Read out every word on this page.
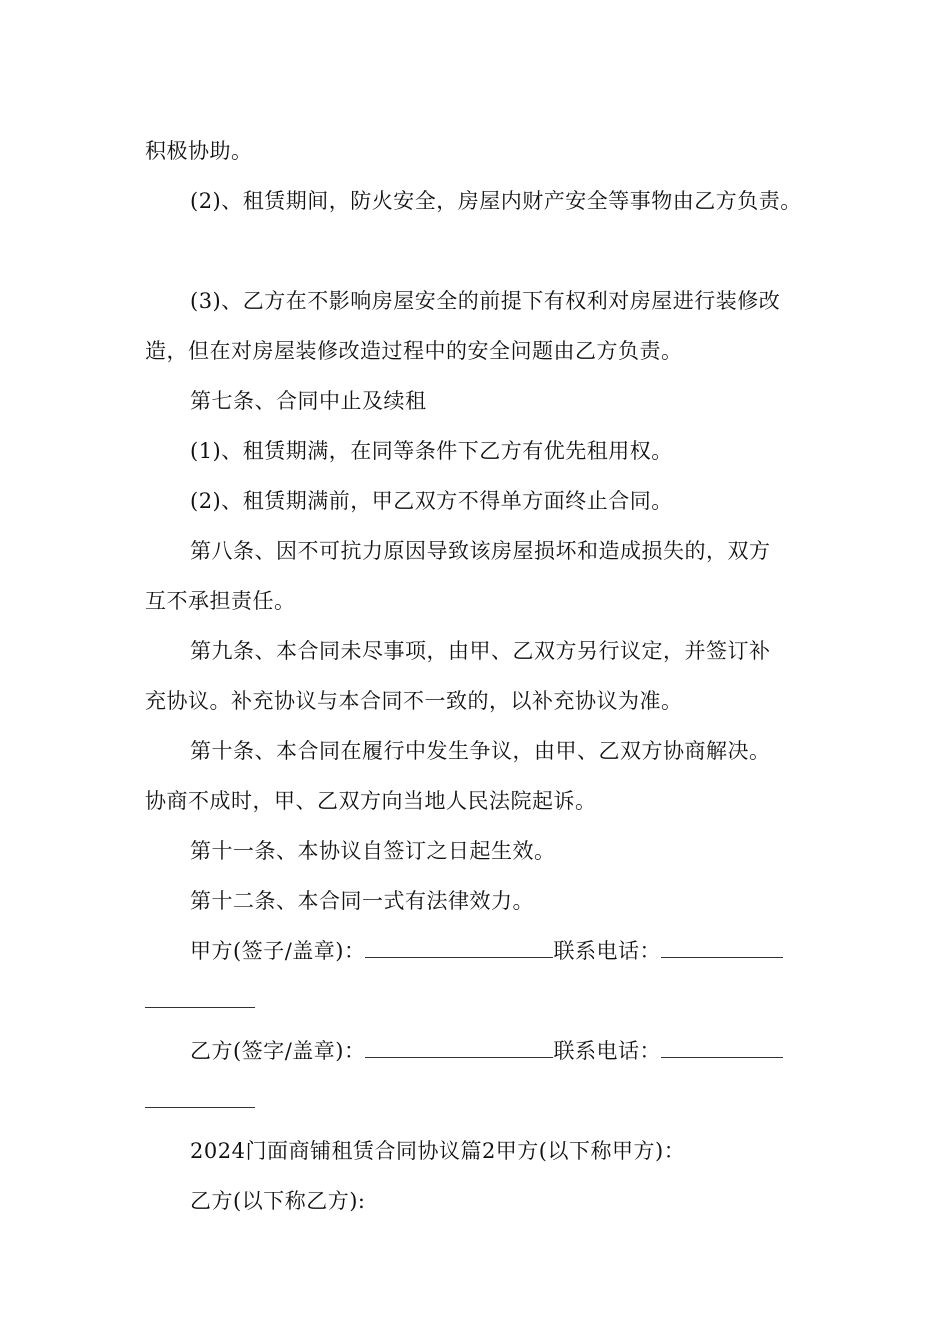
积极协助。
(2)、租赁期间，防火安全，房屋内财产安全等事物由乙方负责。
(3)、乙方在不影响房屋安全的前提下有权利对房屋进行装修改
造，但在对房屋装修改造过程中的安全问题由乙方负责。
第七条、合同中止及续租
(1)、租赁期满，在同等条件下乙方有优先租用权。
(2)、租赁期满前，甲乙双方不得单方面终止合同。
第八条、因不可抗力原因导致该房屋损坏和造成损失的，双方
互不承担责任。
第九条、本合同未尽事项，由甲、乙双方另行议定，并签订补
充协议。补充协议与本合同不一致的，以补充协议为准。
第十条、本合同在履行中发生争议，由甲、乙双方协商解决。
协商不成时，甲、乙双方向当地人民法院起诉。
第十一条、本协议自签订之日起生效。
第十二条、本合同一式有法律效力。
甲方(签子/盖章)：	联系电话：
乙方(签字/盖章)：	联系电话：
2024门面商铺租赁合同协议篇2甲方(以下称甲方)：
乙方(以下称乙方):
